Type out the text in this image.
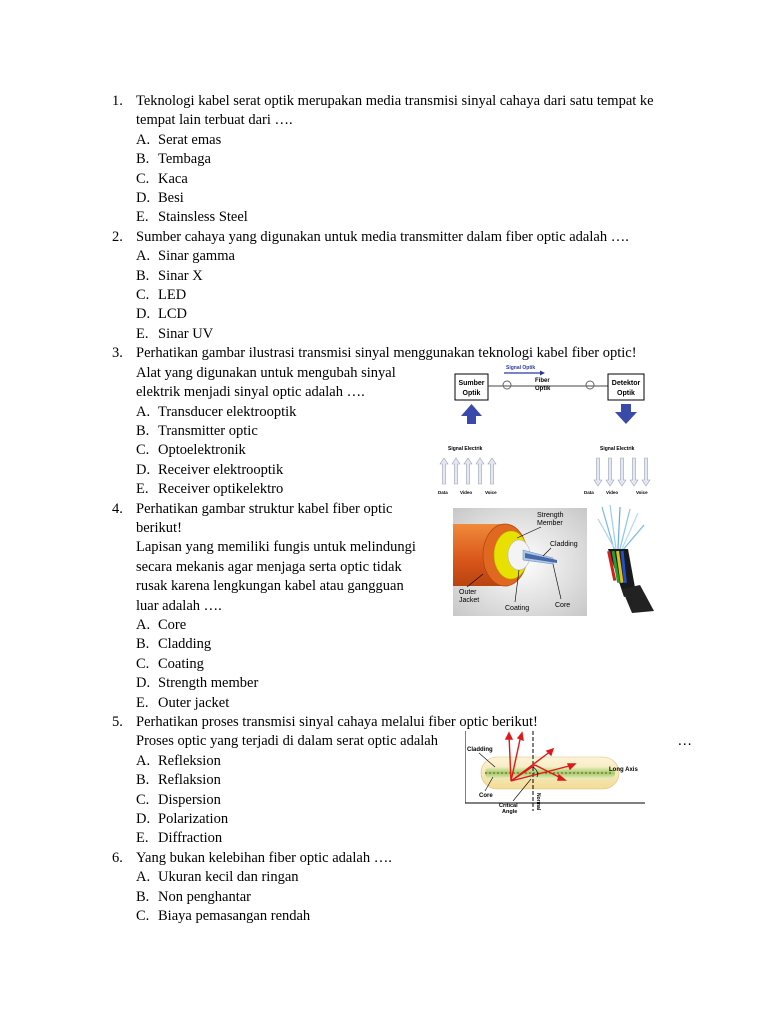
1. Teknologi kabel serat optik merupakan media transmisi sinyal cahaya dari satu tempat ke tempat lain terbuat dari ….
A. Serat emas
B. Tembaga
C. Kaca
D. Besi
E. Stainsless Steel
2. Sumber cahaya yang digunakan untuk media transmitter dalam fiber optic adalah ….
A. Sinar gamma
B. Sinar X
C. LED
D. LCD
E. Sinar UV
3. Perhatikan gambar ilustrasi transmisi sinyal menggunakan teknologi kabel fiber optic!
Alat yang digunakan untuk mengubah sinyal
elektrik menjadi sinyal optic adalah ….
A. Transducer elektrooptik
B. Transmitter optic
C. Optoelektronik
D. Receiver elektrooptik
E. Receiver optikelektro
Signal Optik
Sumber
Optik
Fiber
Optik
Detektor
Optik
Signal Electrik	Signal Electrik
Data	Video	Voice	Data	Video	Voice
4. Perhatikan gambar struktur kabel fiber optic
berikut!
Lapisan yang memiliki fungis untuk melindungi
secara mekanis agar menjaga serta optic tidak
rusak karena lengkungan kabel atau gangguan
luar adalah ….
A. Core
B. Cladding
C. Coating
D. Strength member
E. Outer jacket
Strength
Member
Cladding
Outer
Jacket
Coating	Core
5. Perhatikan proses transmisi sinyal cahaya melalui fiber optic berikut!
Proses optic yang terjadi di dalam serat optic adalah	…
A. Refleksion
B. Reflaksion
C. Dispersion
D. Polarization
E. Diffraction
Cladding
Long Axis
Core
Critical
Angle
Normal
6. Yang bukan kelebihan fiber optic adalah ….
A. Ukuran kecil dan ringan
B. Non penghantar
C. Biaya pemasangan rendah
